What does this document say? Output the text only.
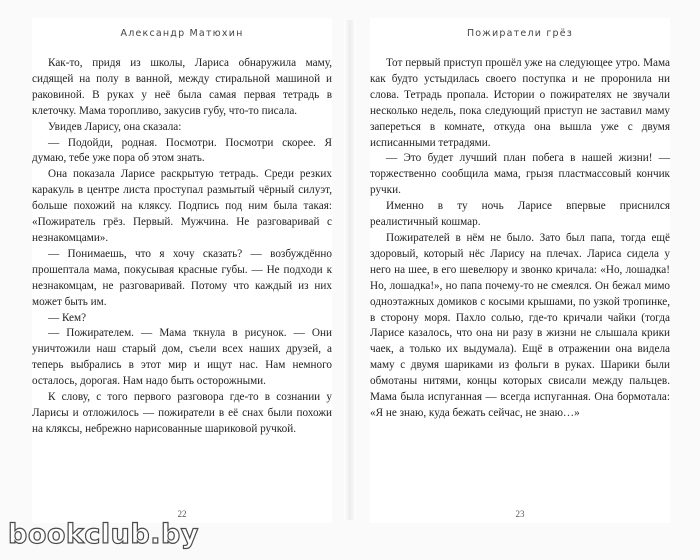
Александр Матюхин

Как-то, придя из школы, Лариса обнаружила маму, сидящей на полу в ванной, между стиральной машиной и раковиной. В руках у неё была самая первая тетрадь в клеточку. Мама торопливо, закусив губу, что-то писала.

Увидев Ларису, она сказала:

— Подойди, родная. Посмотри. Посмотри скорее. Я думаю, тебе уже пора об этом знать.

Она показала Ларисе раскрытую тетрадь. Среди резких каракуль в центре листа проступал размытый чёрный силуэт, больше похожий на кляксу. Подпись под ним была такая: «Пожиратель грёз. Первый. Мужчина. Не разговаривай с незнакомцами».

— Понимаешь, что я хочу сказать? — возбуждённо прошептала мама, покусывая красные губы. — Не подходи к незнакомцам, не разговаривай. Потому что каждый из них может быть им.

— Кем?

— Пожирателем. — Мама ткнула в рисунок. — Они уничтожили наш старый дом, съели всех наших друзей, а теперь выбрались в этот мир и ищут нас. Нам немного осталось, дорогая. Нам надо быть осторожными.

К слову, с того первого разговора где-то в сознании у Ларисы и отложилось — пожиратели в её снах были похожи на кляксы, небрежно нарисованные шариковой ручкой.

22
Пожиратели грёз

Тот первый приступ прошёл уже на следующее утро. Мама как будто устыдилась своего поступка и не проронила ни слова. Тетрадь пропала. Истории о пожирателях не звучали несколько недель, пока следующий приступ не заставил маму запереться в комнате, откуда она вышла уже с двумя исписанными тетрадями.

— Это будет лучший план побега в нашей жизни! — торжественно сообщила мама, грызя пластмассовый кончик ручки.

Именно в ту ночь Ларисе впервые приснился реалистичный кошмар.

Пожирателей в нём не было. Зато был папа, тогда ещё здоровый, который нёс Ларису на плечах. Лариса сидела у него на шее, в его шевелюру и звонко кричала: «Но, лошадка! Но, лошадка!», но папа почему-то не смеялся. Он бежал мимо одноэтажных домиков с косыми крышами, по узкой тропинке, в сторону моря. Пахло солью, где-то кричали чайки (тогда Ларисе казалось, что она ни разу в жизни не слышала крики чаек, а только их выдумала). Ещё в отражении она видела маму с двумя шариками из фольги в руках. Шарики были обмотаны нитями, концы которых свисали между пальцев. Мама была испуганная — всегда испуганная. Она бормотала: «Я не знаю, куда бежать сейчас, не знаю…»

23
bookclub.by
